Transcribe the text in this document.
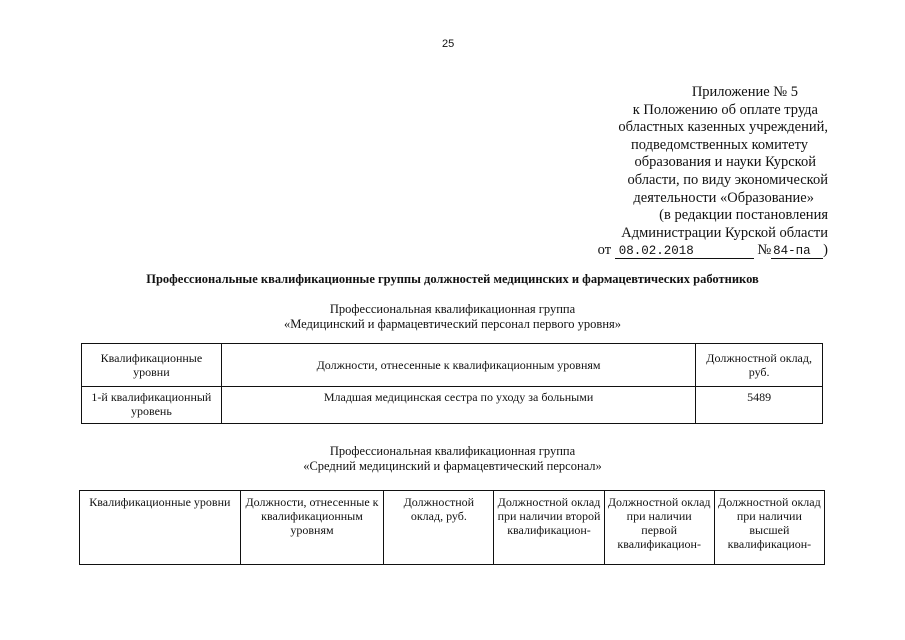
25
Приложение № 5
к Положению об оплате труда
областных казенных учреждений,
подведомственных комитету
образования и науки Курской
области, по виду экономической
деятельности «Образование»
(в редакции постановления
Администрации Курской области
от 08.02.2018	№ 84-па )
Профессиональные квалификационные группы должностей медицинских и фармацевтических работников
Профессиональная квалификационная группа
«Медицинский и фармацевтический персонал первого уровня»
Квалификационные уровни	Должности, отнесенные к квалификационным уровням	Должностной оклад, руб.
1-й квалификационный уровень	Младшая медицинская сестра по уходу за больными	5489
Профессиональная квалификационная группа
«Средний медицинский и фармацевтический персонал»
Квалификационные уровни	Должности, отнесенные к квалификационным уровням	Должностной оклад, руб.	Должностной оклад при наличии второй квалификацион-	Должностной оклад при наличии первой квалификацион-	Должностной оклад при наличии высшей квалификацион-
